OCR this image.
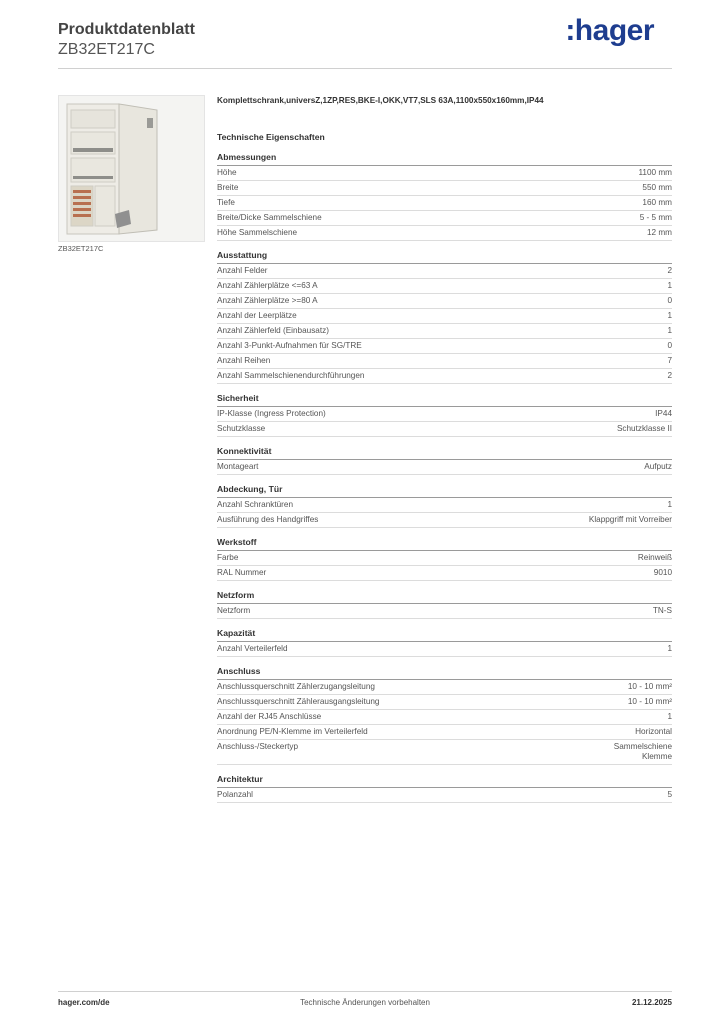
Produktdatenblatt
ZB32ET217C
:hager
ZB32ET217C
Komplettschrank,universZ,1ZP,RES,BKE-I,OKK,VT7,SLS 63A,1100x550x160mm,IP44
Technische Eigenschaften
Abmessungen
Höhe	1100 mm
Breite	550 mm
Tiefe	160 mm
Breite/Dicke Sammelschiene	5 - 5 mm
Höhe Sammelschiene	12 mm
Ausstattung
Anzahl Felder	2
Anzahl Zählerplätze <=63 A	1
Anzahl Zählerplätze >=80 A	0
Anzahl der Leerplätze	1
Anzahl Zählerfeld (Einbausatz)	1
Anzahl 3-Punkt-Aufnahmen für SG/TRE	0
Anzahl Reihen	7
Anzahl Sammelschienendurchführungen	2
Sicherheit
IP-Klasse (Ingress Protection)	IP44
Schutzklasse	Schutzklasse II
Konnektivität
Montageart	Aufputz
Abdeckung, Tür
Anzahl Schranktüren	1
Ausführung des Handgriffes	Klappgriff mit Vorreiber
Werkstoff
Farbe	Reinweiß
RAL Nummer	9010
Netzform
Netzform	TN-S
Kapazität
Anzahl Verteilerfeld	1
Anschluss
Anschlussquerschnitt Zählerzugangsleitung	10 - 10 mm²
Anschlussquerschnitt Zählerausgangsleitung	10 - 10 mm²
Anzahl der RJ45 Anschlüsse	1
Anordnung PE/N-Klemme im Verteilerfeld	Horizontal
Anschluss-/Steckertyp	Sammelschiene
Klemme
Architektur
Polanzahl	5
hager.com/de	Technische Änderungen vorbehalten	21.12.2025
